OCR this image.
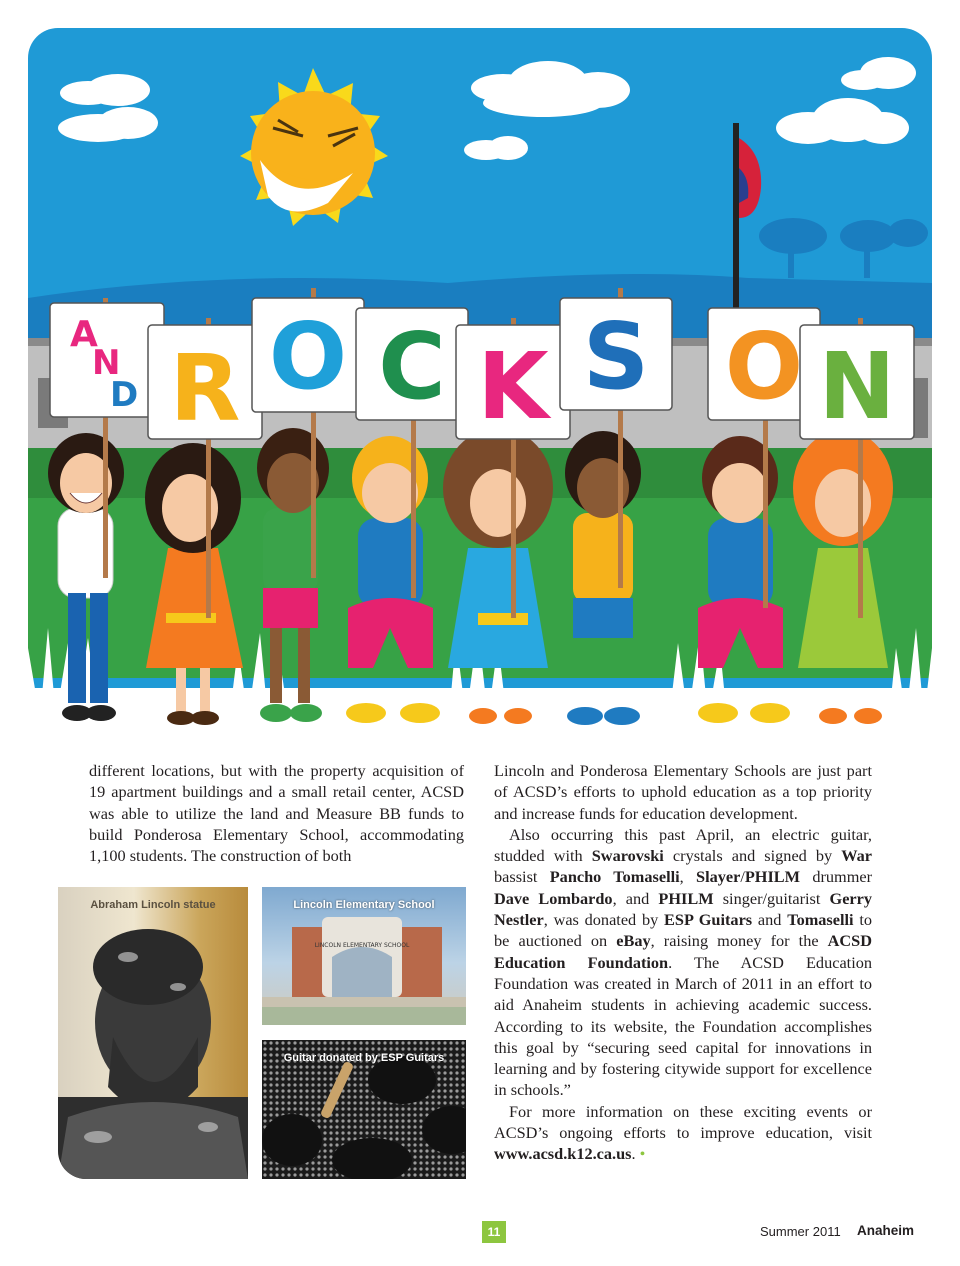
A
N
D R O C K S O N

different locations, but with the property acquisition of 19 apartment buildings and a small retail center, ACSD was able to utilize the land and Measure BB funds to build Ponderosa Elementary School, accommodating 1,100 students. The construction of both

Abraham Lincoln statue
LINCOLN ELEMENTARY SCHOOL
Lincoln Elementary School
Guitar donated by ESP Guitars

Lincoln and Ponderosa Elementary Schools are just part of ACSD’s efforts to uphold education as a top priority and increase funds for education development.

Also occurring this past April, an electric guitar, studded with Swarovski crystals and signed by War bassist Pancho Tomaselli, Slayer/PHILM drummer Dave Lombardo, and PHILM singer/guitarist Gerry Nestler, was donated by ESP Guitars and Tomaselli to be auctioned on eBay, raising money for the ACSD Education Foundation. The ACSD Education Foundation was created in March of 2011 in an effort to aid Anaheim students in achieving academic success. According to its website, the Foundation accomplishes this goal by “securing seed capital for innovations in learning and by fostering citywide support for excellence in schools.”

For more information on these exciting events or ACSD’s ongoing efforts to improve education, visit www.acsd.k12.ca.us. •

11	Summer 2011 Anaheim
